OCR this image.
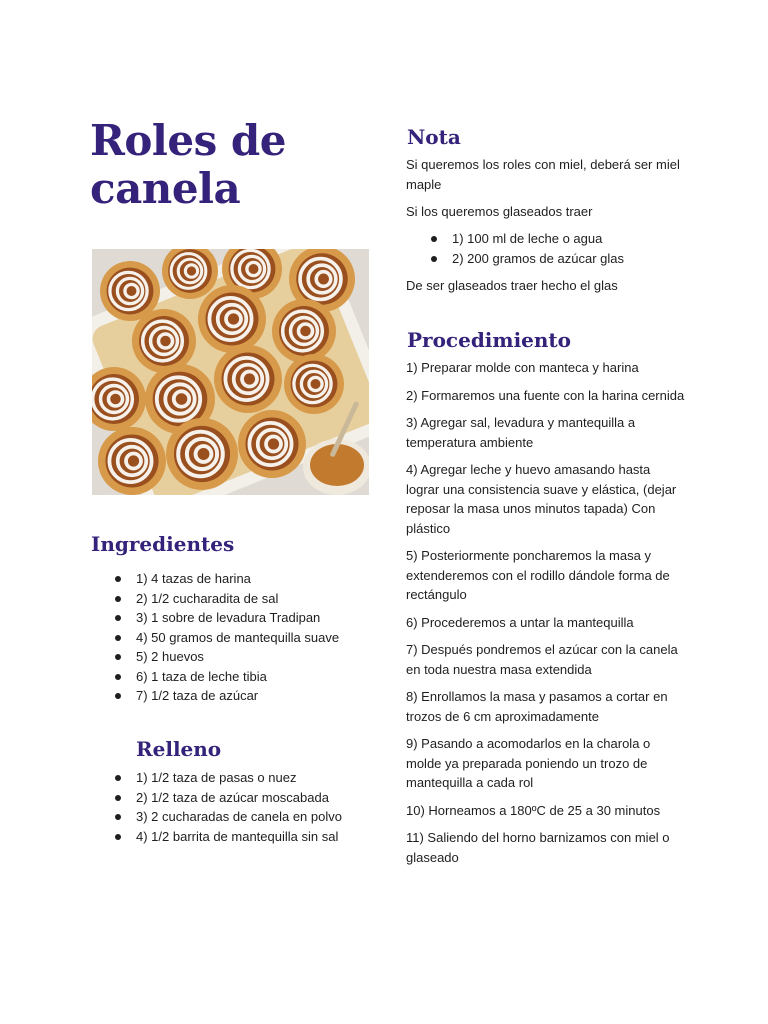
Roles de canela
Ingredientes
1) 4 tazas de harina
2) 1/2 cucharadita de sal
3) 1 sobre de levadura Tradipan
4) 50 gramos de mantequilla suave
5) 2 huevos
6) 1 taza de leche tibia
7) 1/2 taza de azúcar
Relleno
1) 1/2 taza de pasas o nuez
2) 1/2 taza de azúcar moscabada
3) 2 cucharadas de canela en polvo
4) 1/2 barrita de mantequilla sin sal
Nota

Si queremos los roles con miel, deberá ser miel maple

Si los queremos glaseados traer

1) 100 ml de leche o agua
2) 200 gramos de azúcar glas

De ser glaseados traer hecho el glas

Procedimiento

1) Preparar molde con manteca y harina

2) Formaremos una fuente con la harina cernida

3) Agregar sal, levadura y mantequilla a temperatura ambiente

4) Agregar leche y huevo amasando hasta lograr una consistencia suave y elástica, (dejar reposar la masa unos minutos tapada) Con plástico

5) Posteriormente poncharemos la masa y extenderemos con el rodillo dándole forma de rectángulo

6) Procederemos a untar la mantequilla

7) Después pondremos el azúcar con la canela en toda nuestra masa extendida

8) Enrollamos la masa y pasamos a cortar en trozos de 6 cm aproximadamente

9) Pasando a acomodarlos en la charola o molde ya preparada poniendo un trozo de mantequilla a cada rol

10) Horneamos a 180ºC de 25 a 30 minutos

11) Saliendo del horno barnizamos con miel o glaseado
